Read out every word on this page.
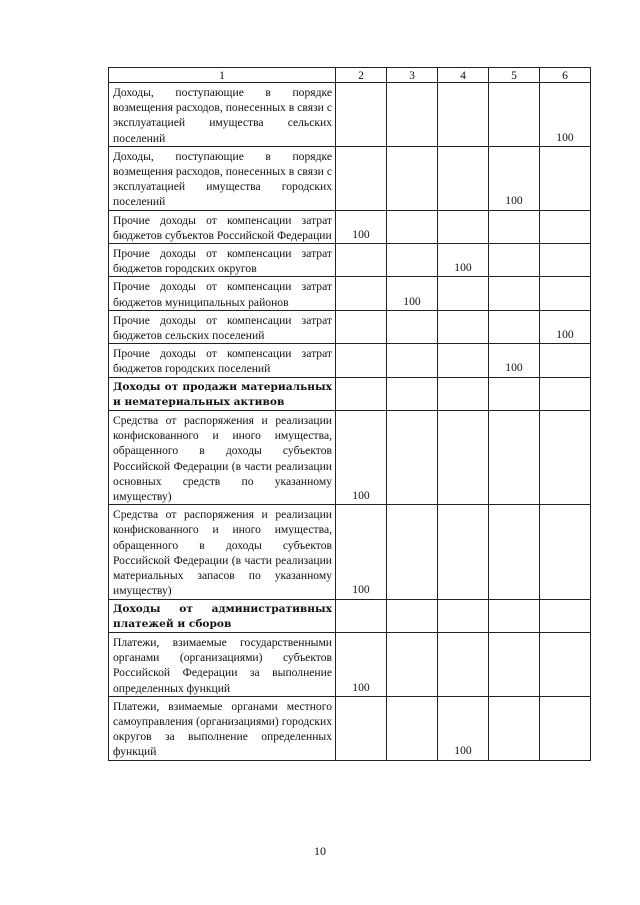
1	2	3	4	5	6
Доходы, поступающие в порядке возмещения расходов, понесенных в связи с эксплуатацией имущества сельских поселений					100
Доходы, поступающие в порядке возмещения расходов, понесенных в связи с эксплуатацией имущества городских поселений				100	
Прочие доходы от компенсации затрат бюджетов субъектов Российской Федерации	100				
Прочие доходы от компенсации затрат бюджетов городских округов			100		
Прочие доходы от компенсации затрат бюджетов муниципальных районов		100			
Прочие доходы от компенсации затрат бюджетов сельских поселений					100
Прочие доходы от компенсации затрат бюджетов городских поселений				100	
Доходы от продажи материальных и нематериальных активов					
Средства от распоряжения и реализации конфискованного и иного имущества, обращенного в доходы субъектов Российской Федерации (в части реализации основных средств по указанному имуществу)	100				
Средства от распоряжения и реализации конфискованного и иного имущества, обращенного в доходы субъектов Российской Федерации (в части реализации материальных запасов по указанному имуществу)	100				
Доходы от административных платежей и сборов					
Платежи, взимаемые государственными органами (организациями) субъектов Российской Федерации за выполнение определенных функций	100				
Платежи, взимаемые органами местного самоуправления (организациями) городских округов за выполнение определенных функций			100		
10
